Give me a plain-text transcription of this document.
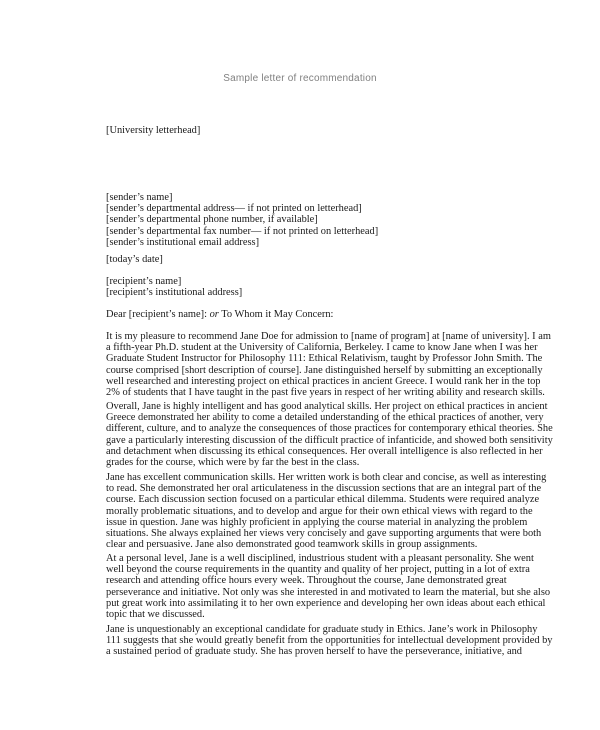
Sample letter of recommendation
[University letterhead]
[sender’s name]
[sender’s departmental address— if not printed on letterhead]
[sender’s departmental phone number, if available]
[sender’s departmental fax number— if not printed on letterhead]
[sender’s institutional email address]
[today’s date]
[recipient’s name]
[recipient’s institutional address]
Dear [recipient’s name]: or To Whom it May Concern:
It is my pleasure to recommend Jane Doe for admission to [name of program] at [name of university]. I am
a fifth-year Ph.D. student at the University of California, Berkeley. I came to know Jane when I was her
Graduate Student Instructor for Philosophy 111: Ethical Relativism, taught by Professor John Smith. The
course comprised [short description of course]. Jane distinguished herself by submitting an exceptionally
well researched and interesting project on ethical practices in ancient Greece. I would rank her in the top
2% of students that I have taught in the past five years in respect of her writing ability and research skills.
Overall, Jane is highly intelligent and has good analytical skills. Her project on ethical practices in ancient
Greece demonstrated her ability to come a detailed understanding of the ethical practices of another, very
different, culture, and to analyze the consequences of those practices for contemporary ethical theories. She
gave a particularly interesting discussion of the difficult practice of infanticide, and showed both sensitivity
and detachment when discussing its ethical consequences. Her overall intelligence is also reflected in her
grades for the course, which were by far the best in the class.
Jane has excellent communication skills. Her written work is both clear and concise, as well as interesting
to read. She demonstrated her oral articulateness in the discussion sections that are an integral part of the
course. Each discussion section focused on a particular ethical dilemma. Students were required analyze
morally problematic situations, and to develop and argue for their own ethical views with regard to the
issue in question. Jane was highly proficient in applying the course material in analyzing the problem
situations. She always explained her views very concisely and gave supporting arguments that were both
clear and persuasive. Jane also demonstrated good teamwork skills in group assignments.
At a personal level, Jane is a well disciplined, industrious student with a pleasant personality. She went
well beyond the course requirements in the quantity and quality of her project, putting in a lot of extra
research and attending office hours every week. Throughout the course, Jane demonstrated great
perseverance and initiative. Not only was she interested in and motivated to learn the material, but she also
put great work into assimilating it to her own experience and developing her own ideas about each ethical
topic that we discussed.
Jane is unquestionably an exceptional candidate for graduate study in Ethics. Jane’s work in Philosophy
111 suggests that she would greatly benefit from the opportunities for intellectual development provided by
a sustained period of graduate study. She has proven herself to have the perseverance, initiative, and
